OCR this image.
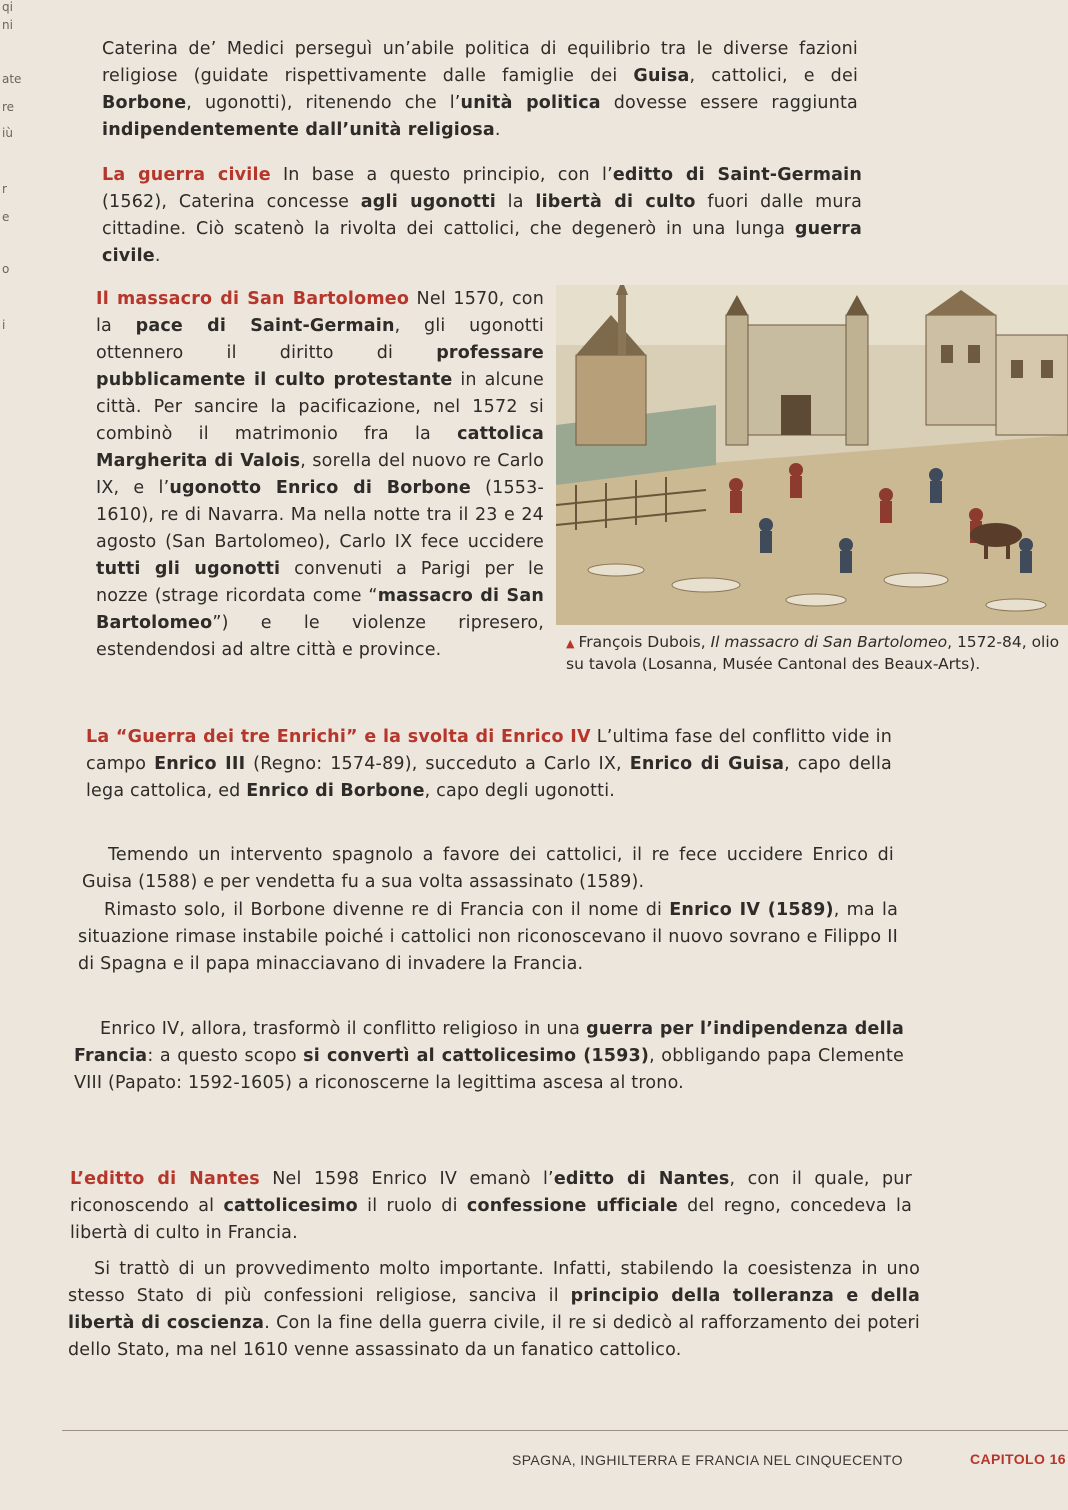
qi
ni
ate
re
iù
r
e
o
i
Caterina de’ Medici perseguì un’abile politica di equilibrio tra le diverse fazioni religiose (guidate rispettivamente dalle famiglie dei Guisa, cattolici, e dei Borbone, ugonotti), ritenendo che l’unità politica dovesse essere raggiunta indipendentemente dall’unità religiosa.
La guerra civile In base a questo principio, con l’editto di Saint-Germain (1562), Caterina concesse agli ugonotti la libertà di culto fuori dalle mura cittadine. Ciò scatenò la rivolta dei cattolici, che degenerò in una lunga guerra civile.
Il massacro di San Bartolomeo Nel 1570, con la pace di Saint-Germain, gli ugonotti ottennero il diritto di professare pubblicamente il culto protestante in alcune città. Per sancire la pacificazione, nel 1572 si combinò il matrimonio fra la cattolica Margherita di Valois, sorella del nuovo re Carlo IX, e l’ugonotto Enrico di Borbone (1553-1610), re di Navarra. Ma nella notte tra il 23 e 24 agosto (San Bartolomeo), Carlo IX fece uccidere tutti gli ugonotti convenuti a Parigi per le nozze (strage ricordata come “massacro di San Bartolomeo”) e le violenze ripresero, estendendosi ad altre città e province.	▲ François Dubois, Il massacro di San Bartolomeo, 1572-84, olio su tavola (Losanna, Musée Cantonal des Beaux-Arts).
La “Guerra dei tre Enrichi” e la svolta di Enrico IV L’ultima fase del conflitto vide in campo Enrico III (Regno: 1574-89), succeduto a Carlo IX, Enrico di Guisa, capo della lega cattolica, ed Enrico di Borbone, capo degli ugonotti.
Temendo un intervento spagnolo a favore dei cattolici, il re fece uccidere Enrico di Guisa (1588) e per vendetta fu a sua volta assassinato (1589).
Rimasto solo, il Borbone divenne re di Francia con il nome di Enrico IV (1589), ma la situazione rimase instabile poiché i cattolici non riconoscevano il nuovo sovrano e Filippo II di Spagna e il papa minacciavano di invadere la Francia.
Enrico IV, allora, trasformò il conflitto religioso in una guerra per l’indipendenza della Francia: a questo scopo si convertì al cattolicesimo (1593), obbligando papa Clemente VIII (Papato: 1592-1605) a riconoscerne la legittima ascesa al trono.
L’editto di Nantes Nel 1598 Enrico IV emanò l’editto di Nantes, con il quale, pur riconoscendo al cattolicesimo il ruolo di confessione ufficiale del regno, concedeva la libertà di culto in Francia.
Si trattò di un provvedimento molto importante. Infatti, stabilendo la coesistenza in uno stesso Stato di più confessioni religiose, sanciva il principio della tolleranza e della libertà di coscienza. Con la fine della guerra civile, il re si dedicò al rafforzamento dei poteri dello Stato, ma nel 1610 venne assassinato da un fanatico cattolico.
SPAGNA, INGHILTERRA E FRANCIA NEL CINQUECENTO	CAPITOLO 16
